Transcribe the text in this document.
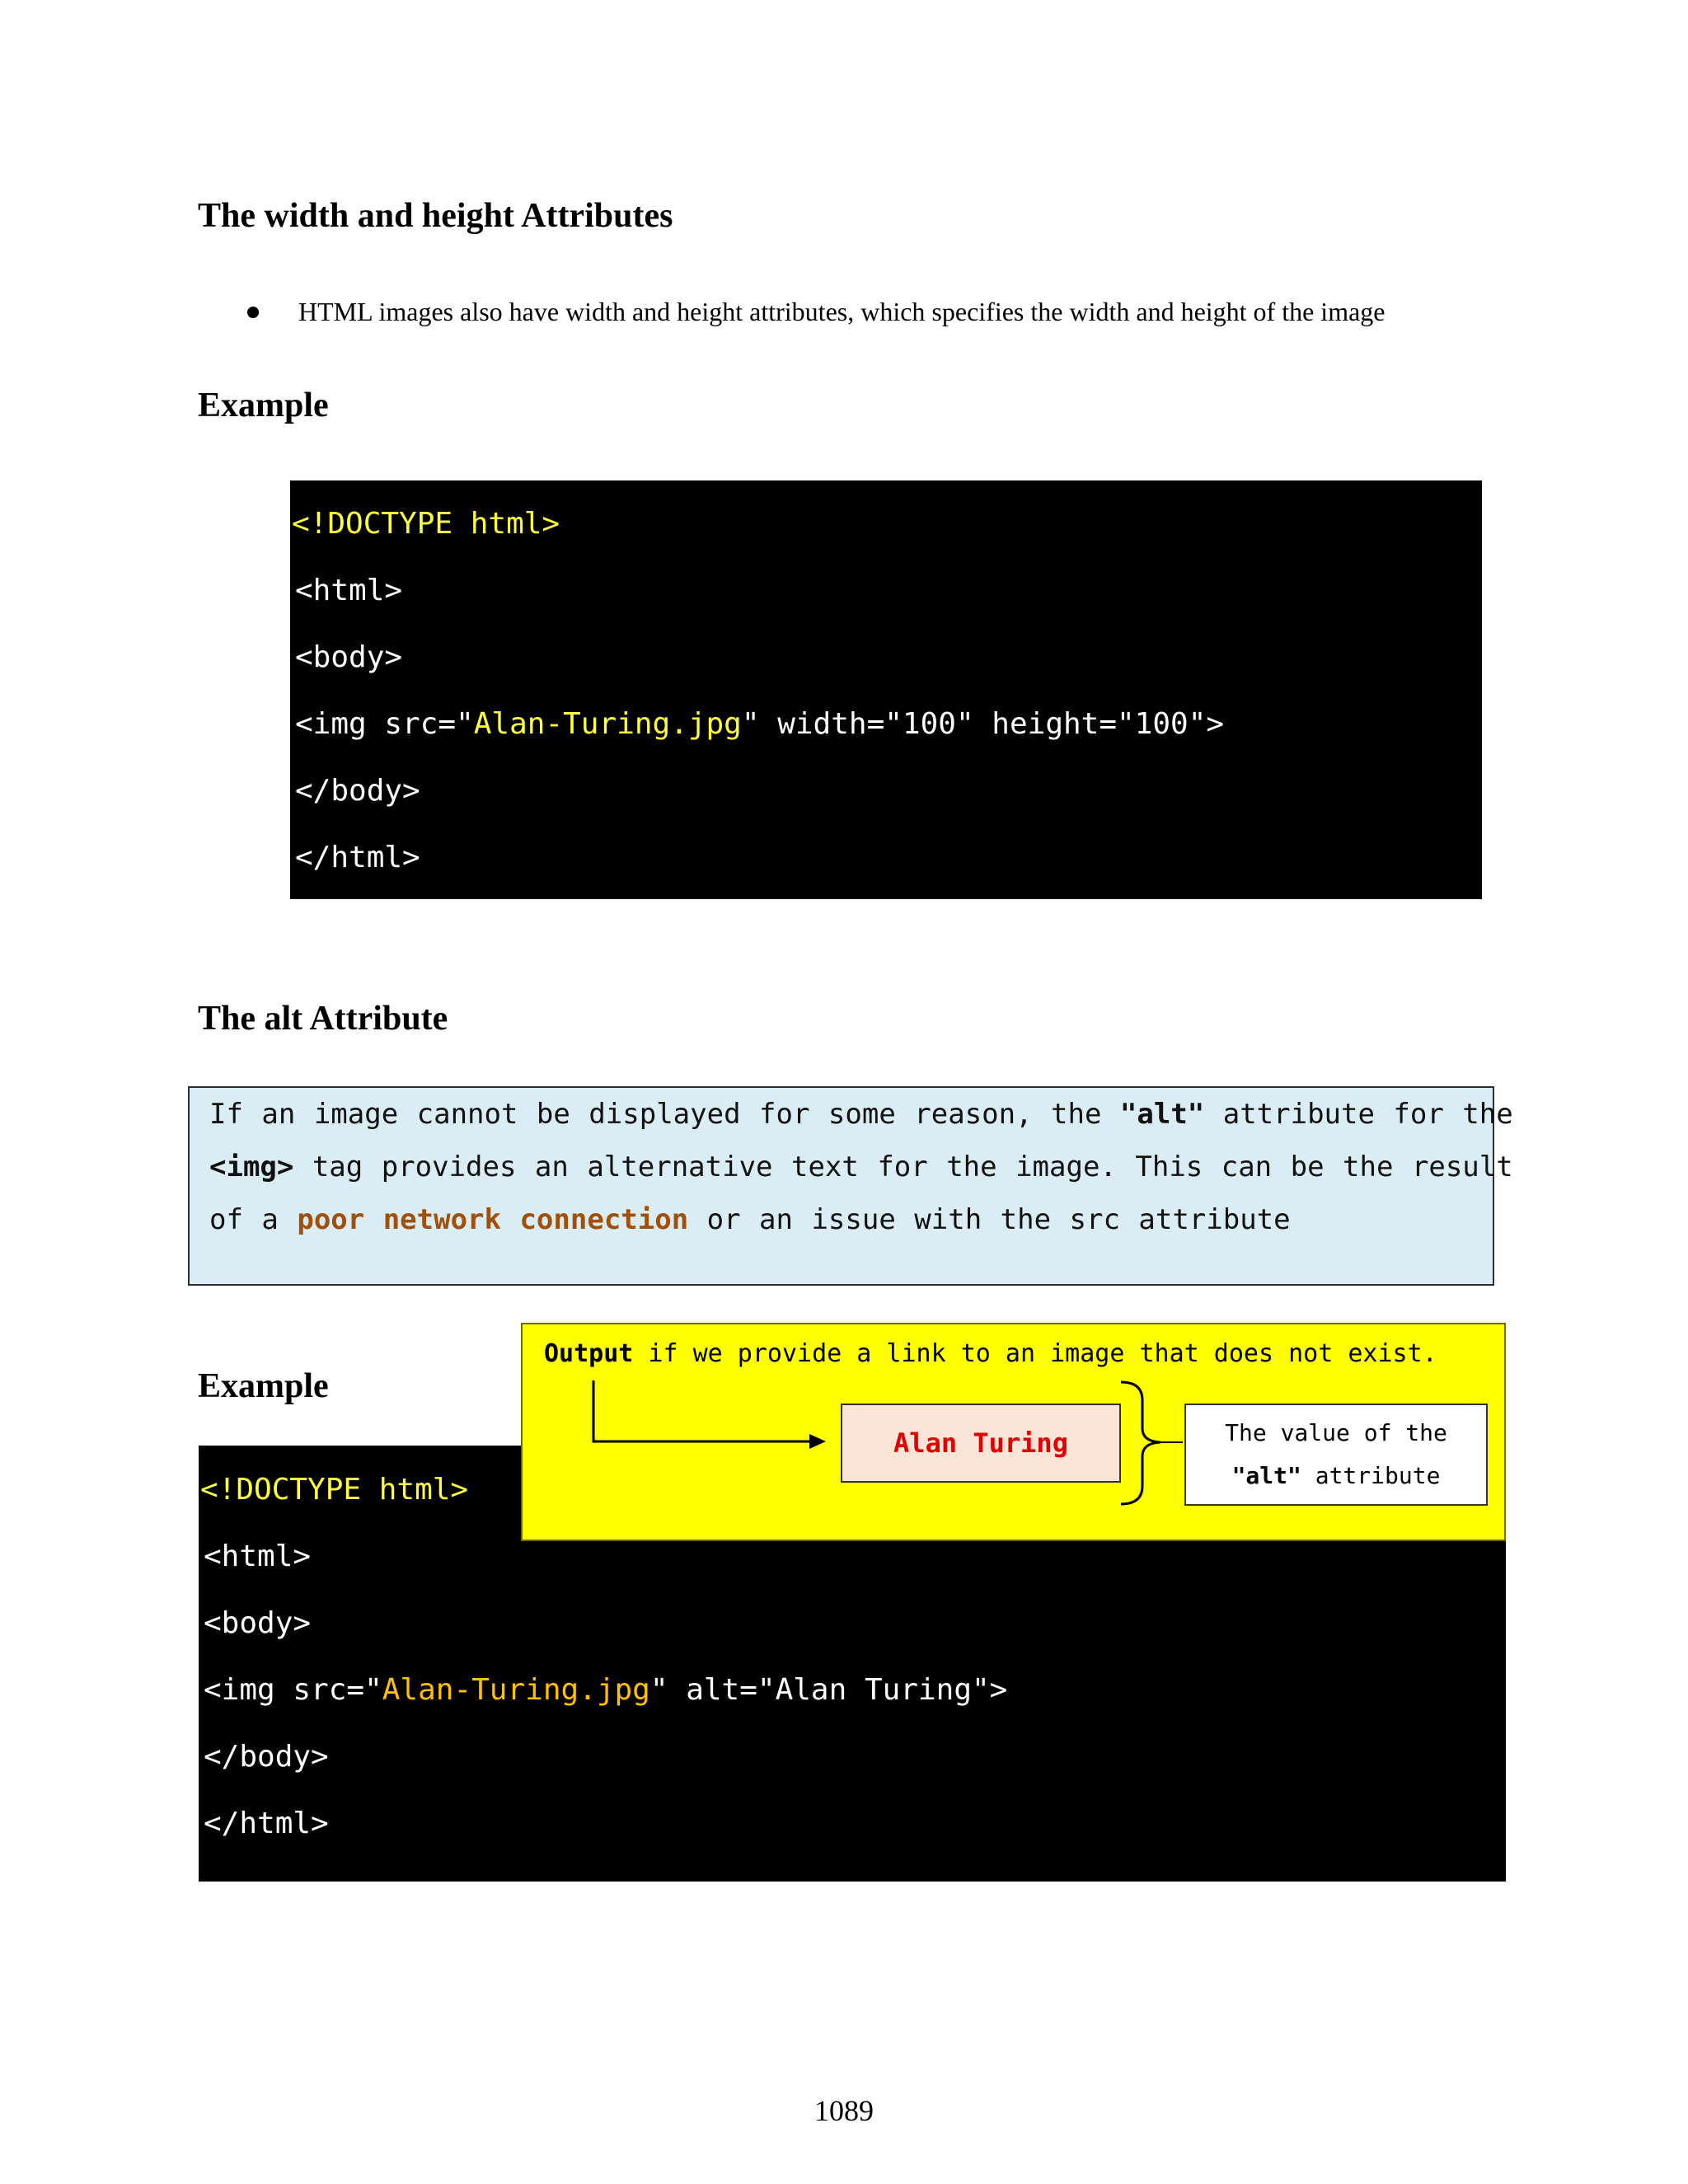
The width and height Attributes
HTML images also have width and height attributes, which specifies the width and height of the image
Example
<!DOCTYPE html>
<html>
<body>
<img src="Alan-Turing.jpg" width="100" height="100">
</body>
</html>
The alt Attribute
If an image cannot be displayed for some reason, the "alt" attribute for the
<img> tag provides an alternative text for the image. This can be the result
of a poor network connection or an issue with the src attribute
Example
<!DOCTYPE html>
<html>
<body>
<img src="Alan-Turing.jpg" alt="Alan Turing">
</body>
</html>
Output if we provide a link to an image that does not exist.
Alan Turing	The value of the
"alt" attribute
1089
